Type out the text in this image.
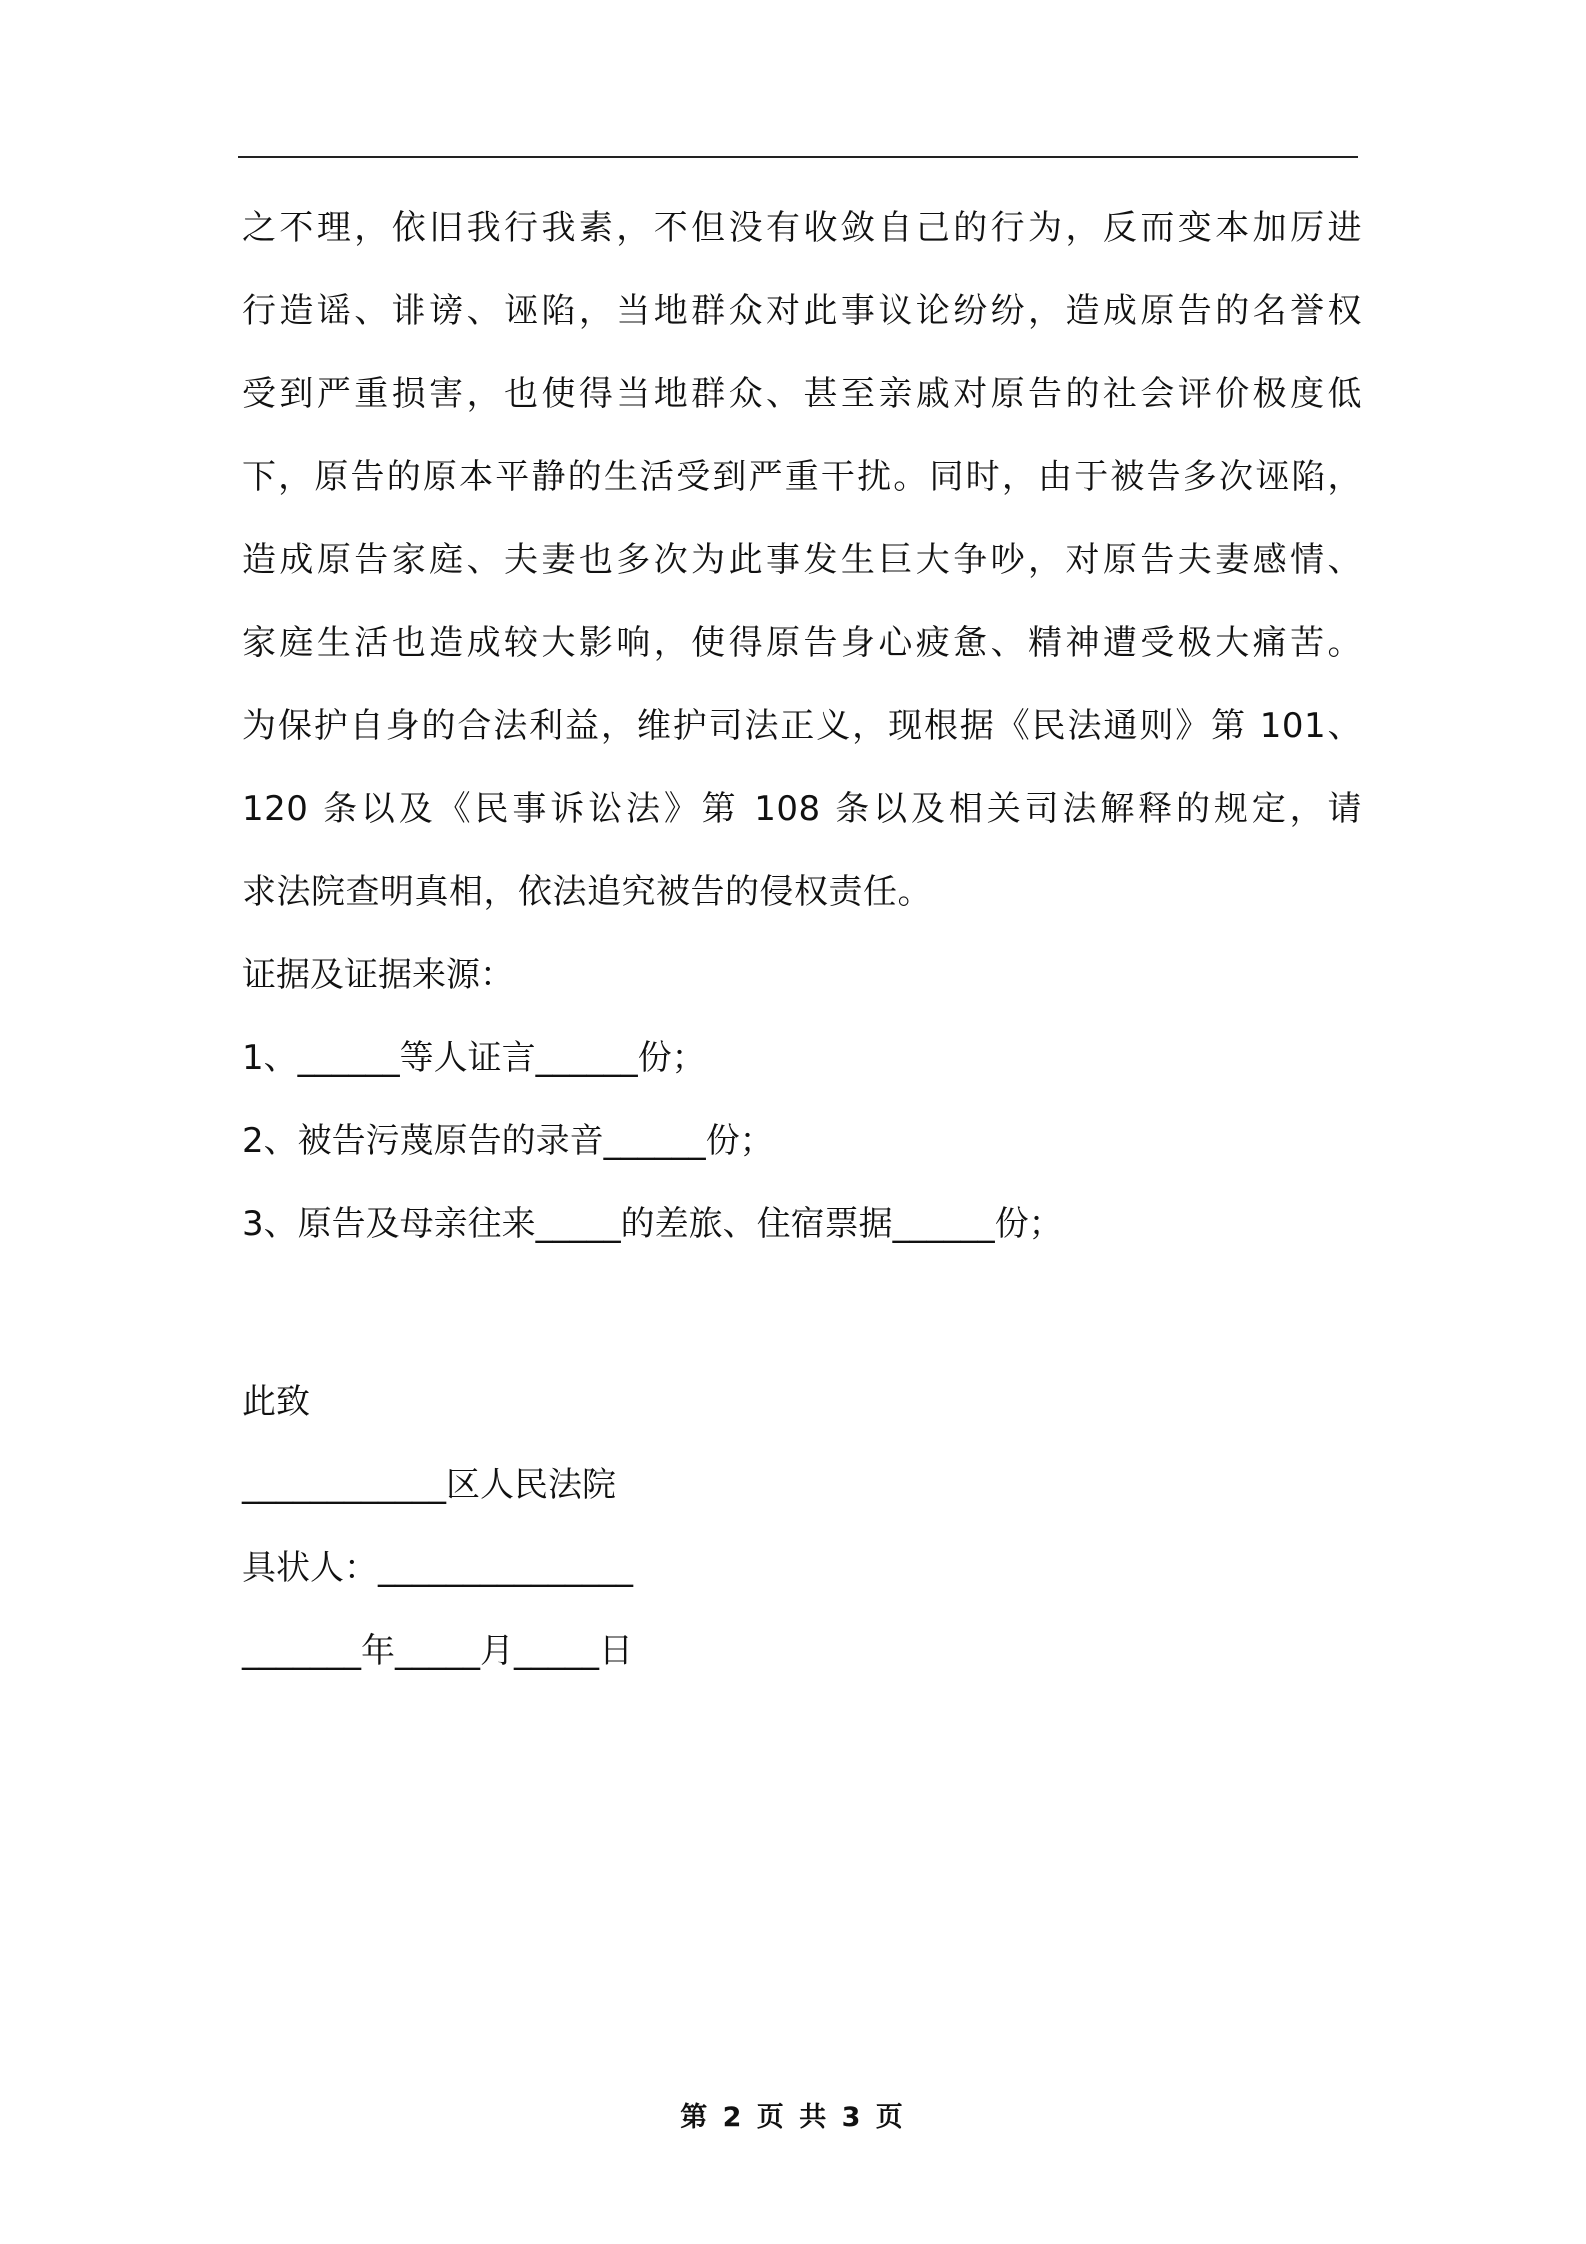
之不理，依旧我行我素，不但没有收敛自己的行为，反而变本加厉进

行造谣、诽谤、诬陷，当地群众对此事议论纷纷，造成原告的名誉权

受到严重损害，也使得当地群众、甚至亲戚对原告的社会评价极度低

下，原告的原本平静的生活受到严重干扰。同时，由于被告多次诬陷，

造成原告家庭、夫妻也多次为此事发生巨大争吵，对原告夫妻感情、

家庭生活也造成较大影响，使得原告身心疲惫、精神遭受极大痛苦。

为保护自身的合法利益，维护司法正义，现根据《民法通则》第 101、

120 条以及《民事诉讼法》第 108 条以及相关司法解释的规定，请

求法院查明真相，依法追究被告的侵权责任。

证据及证据来源：

1、______等人证言______份；

2、被告污蔑原告的录音______份；

3、原告及母亲往来_____的差旅、住宿票据______份；

此致

____________区人民法院

具状人：_______________

_______年_____月_____日

第 2 页 共 3 页
